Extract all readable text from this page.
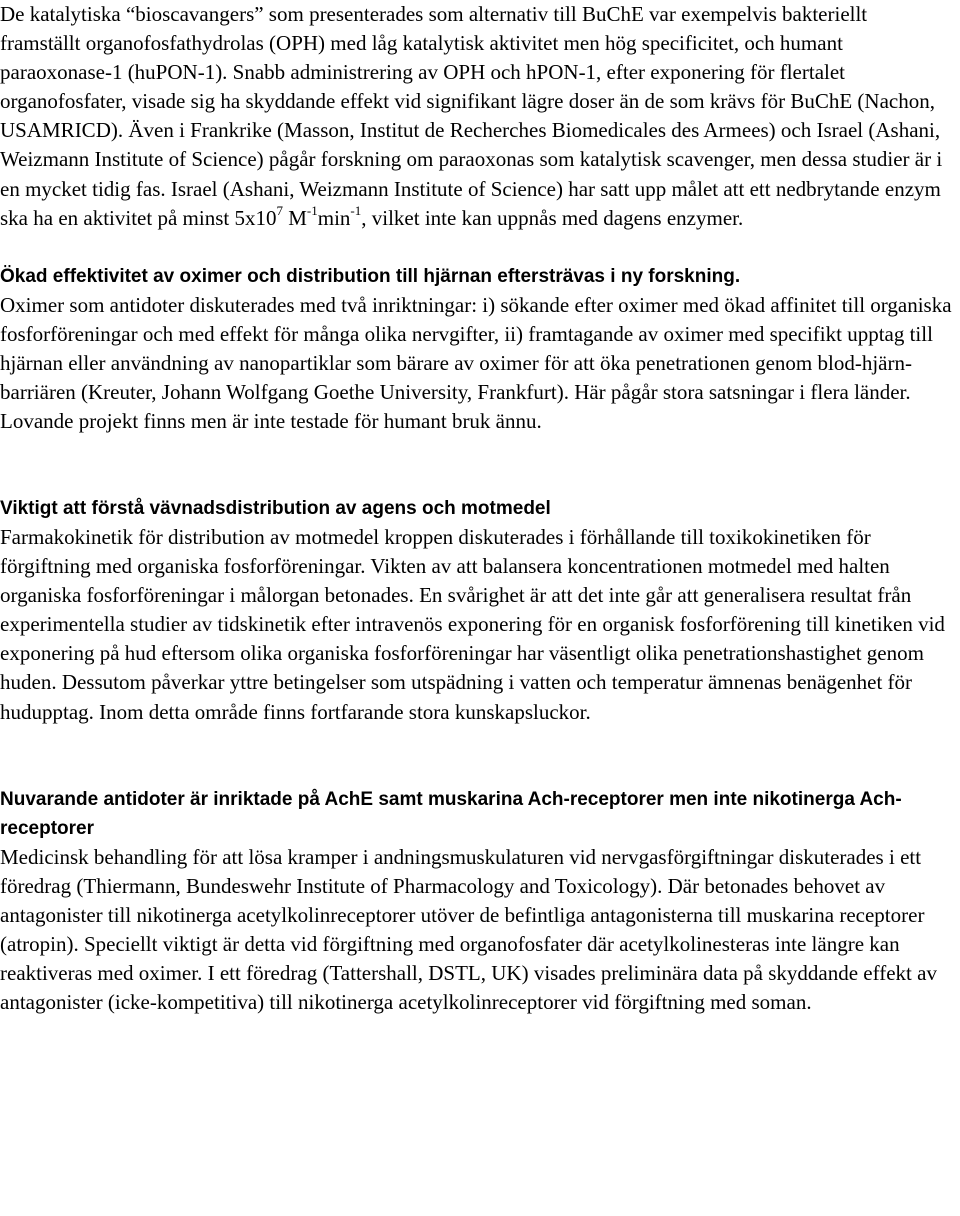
De katalytiska “bioscavangers” som presenterades som alternativ till BuChE var exempelvis bakteriellt framställt organofosfathydrolas (OPH) med låg katalytisk aktivitet men hög specificitet, och humant paraoxonase-1 (huPON-1). Snabb administrering av OPH och hPON-1, efter exponering för flertalet organofosfater, visade sig ha skyddande effekt vid signifikant lägre doser än de som krävs för BuChE (Nachon, USAMRICD). Även i Frankrike (Masson, Institut de Recherches Biomedicales des Armees) och Israel (Ashani, Weizmann Institute of Science) pågår forskning om paraoxonas som katalytisk scavenger, men dessa studier är i en mycket tidig fas. Israel (Ashani, Weizmann Institute of Science) har satt upp målet att ett nedbrytande enzym ska ha en aktivitet på minst $5x10^7$ $M^{-1}\min^{-1}$, vilket inte kan uppnås med dagens enzymer.

Ökad effektivitet av oximer och distribution till hjärnan eftersträvas i ny forskning.

Oximer som antidoter diskuterades med två inriktningar: i) sökande efter oximer med ökad affinitet till organiska fosforföreningar och med effekt för många olika nervgifter, ii) framtagande av oximer med specifikt upptag till hjärnan eller användning av nanopartiklar som bärare av oximer för att öka penetrationen genom blod-hjärn-barriären (Kreuter, Johann Wolfgang Goethe University, Frankfurt). Här pågår stora satsningar i flera länder. Lovande projekt finns men är inte testade för humant bruk ännu.

Viktigt att förstå vävnadsdistribution av agens och motmedel

Farmakokinetik för distribution av motmedel kroppen diskuterades i förhållande till toxikokinetiken för förgiftning med organiska fosforföreningar. Vikten av att balansera koncentrationen motmedel med halten organiska fosforföreningar i målorgan betonades. En svårighet är att det inte går att generalisera resultat från experimentella studier av tidskinetik efter intravenös exponering för en organisk fosforförening till kinetiken vid exponering på hud eftersom olika organiska fosforföreningar har väsentligt olika penetrationshastighet genom huden. Dessutom påverkar yttre betingelser som utspädning i vatten och temperatur ämnenas benägenhet för hudupptag. Inom detta område finns fortfarande stora kunskapsluckor.

Nuvarande antidoter är inriktade på AchE samt muskarina Ach-receptorer men inte nikotinerga Ach-receptorer

Medicinsk behandling för att lösa kramper i andningsmuskulaturen vid nervgasförgiftningar diskuterades i ett föredrag (Thiermann, Bundeswehr Institute of Pharmacology and Toxicology). Där betonades behovet av antagonister till nikotinerga acetylkolinreceptorer utöver de befintliga antagonisterna till muskarina receptorer (atropin). Speciellt viktigt är detta vid förgiftning med organofosfater där acetylkolinesteras inte längre kan reaktiveras med oximer. I ett föredrag (Tattershall, DSTL, UK) visades preliminära data på skyddande effekt av antagonister (icke-kompetitiva) till nikotinerga acetylkolinreceptorer vid förgiftning med soman.
